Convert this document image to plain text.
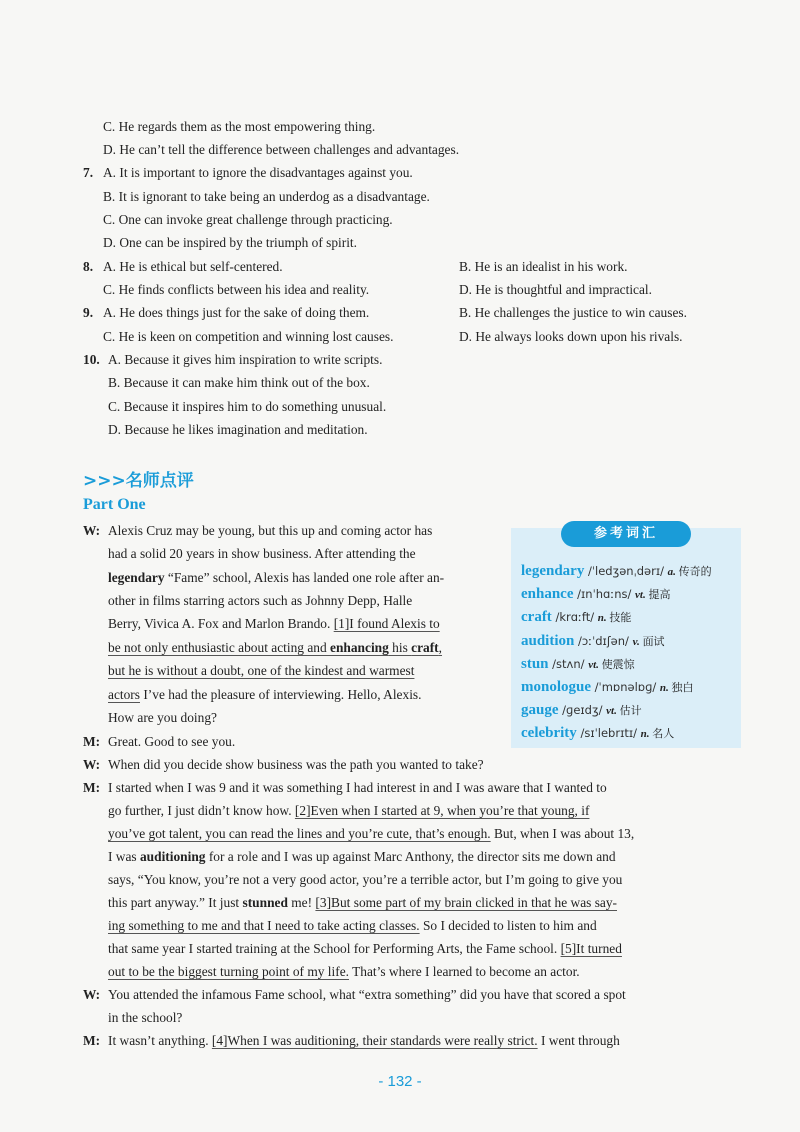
C. He regards them as the most empowering thing.
D. He can’t tell the difference between challenges and advantages.
7. A. It is important to ignore the disadvantages against you.
B. It is ignorant to take being an underdog as a disadvantage.
C. One can invoke great challenge through practicing.
D. One can be inspired by the triumph of spirit.
8. A. He is ethical but self-centered.	B. He is an idealist in his work.
C. He finds conflicts between his idea and reality.	D. He is thoughtful and impractical.
9. A. He does things just for the sake of doing them.	B. He challenges the justice to win causes.
C. He is keen on competition and winning lost causes.	D. He always looks down upon his rivals.
10. A. Because it gives him inspiration to write scripts.
B. Because it can make him think out of the box.
C. Because it inspires him to do something unusual.
D. Because he likes imagination and meditation.
>>>名师点评
Part One
参考词汇
legendary /ˈledʒənˌdərɪ/ a. 传奇的
enhance /ɪnˈhɑːns/ vt. 提高
craft /krɑːft/ n. 技能
audition /ɔːˈdɪʃən/ v. 面试
stun /stʌn/ vt. 使震惊
monologue /ˈmɒnəlɒɡ/ n. 独白
gauge /ɡeɪdʒ/ vt. 估计
celebrity /sɪˈlebrɪtɪ/ n. 名人
W: Alexis Cruz may be young, but this up and coming actor has
had a solid 20 years in show business. After attending the
legendary “Fame” school, Alexis has landed one role after an-
other in films starring actors such as Johnny Depp, Halle
Berry, Vivica A. Fox and Marlon Brando. [1]I found Alexis to
be not only enthusiastic about acting and enhancing his craft,
but he is without a doubt, one of the kindest and warmest
actors I’ve had the pleasure of interviewing. Hello, Alexis.
How are you doing?
M: Great. Good to see you.
W: When did you decide show business was the path you wanted to take?
M: I started when I was 9 and it was something I had interest in and I was aware that I wanted to
go further, I just didn’t know how. [2]Even when I started at 9, when you’re that young, if
you’ve got talent, you can read the lines and you’re cute, that’s enough. But, when I was about 13,
I was auditioning for a role and I was up against Marc Anthony, the director sits me down and
says, “You know, you’re not a very good actor, you’re a terrible actor, but I’m going to give you
this part anyway.” It just stunned me! [3]But some part of my brain clicked in that he was say-
ing something to me and that I need to take acting classes. So I decided to listen to him and
that same year I started training at the School for Performing Arts, the Fame school. [5]It turned
out to be the biggest turning point of my life. That’s where I learned to become an actor.
W: You attended the infamous Fame school, what “extra something” did you have that scored a spot
in the school?
M: It wasn’t anything. [4]When I was auditioning, their standards were really strict. I went through
- 132 -
